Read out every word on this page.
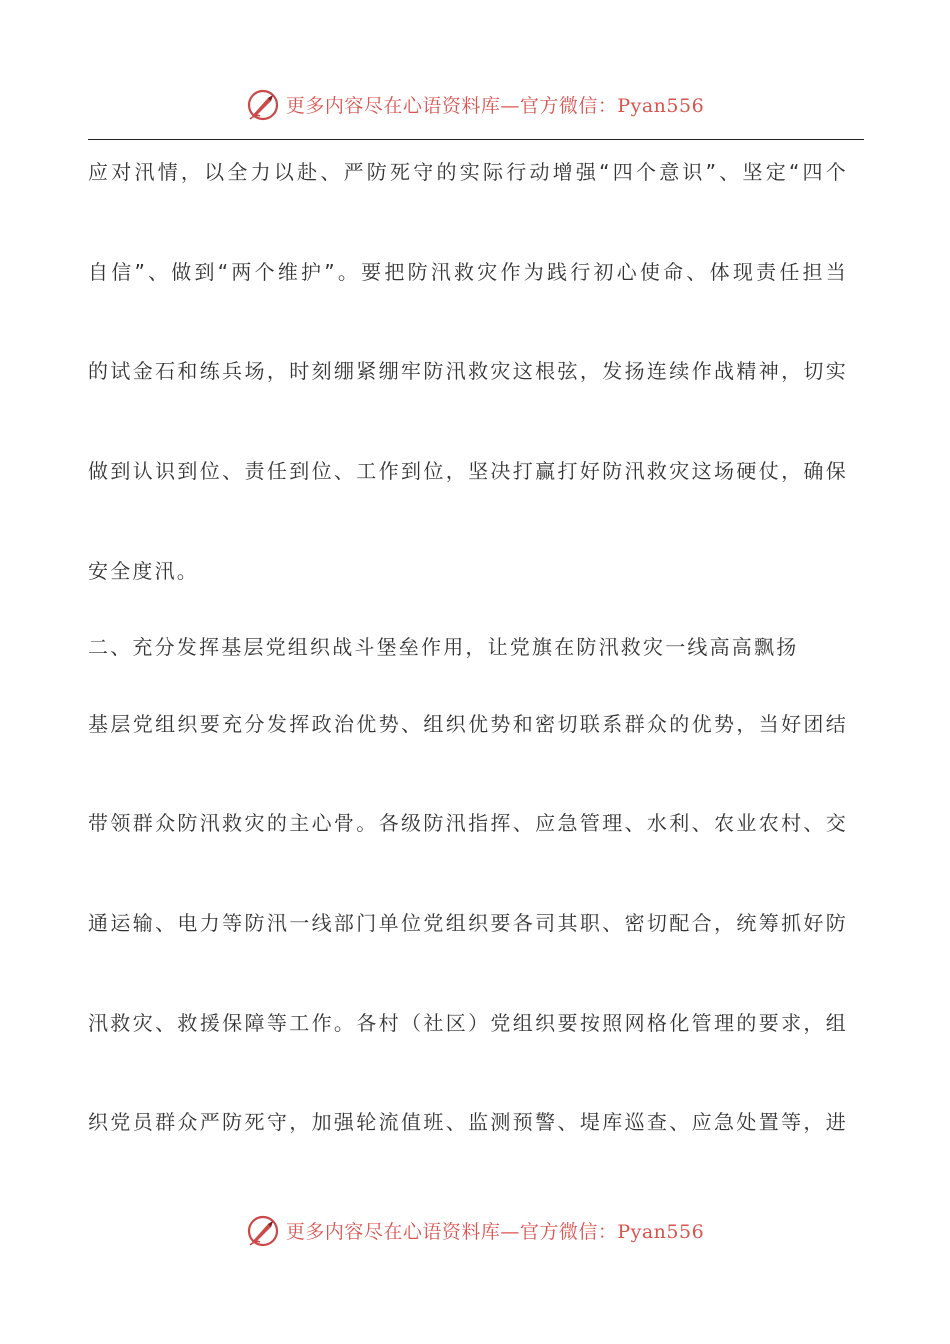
更多内容尽在心语资料库—官方微信：Pyan556
应对汛情，以全力以赴、严防死守的实际行动增强“四个意识”、坚定“四个
自信”、做到“两个维护”。要把防汛救灾作为践行初心使命、体现责任担当
的试金石和练兵场，时刻绷紧绷牢防汛救灾这根弦，发扬连续作战精神，切实
做到认识到位、责任到位、工作到位，坚决打赢打好防汛救灾这场硬仗，确保
安全度汛。
二、充分发挥基层党组织战斗堡垒作用，让党旗在防汛救灾一线高高飘扬
基层党组织要充分发挥政治优势、组织优势和密切联系群众的优势，当好团结
带领群众防汛救灾的主心骨。各级防汛指挥、应急管理、水利、农业农村、交
通运输、电力等防汛一线部门单位党组织要各司其职、密切配合，统筹抓好防
汛救灾、救援保障等工作。各村（社区）党组织要按照网格化管理的要求，组
织党员群众严防死守，加强轮流值班、监测预警、堤库巡查、应急处置等，进
更多内容尽在心语资料库—官方微信：Pyan556
